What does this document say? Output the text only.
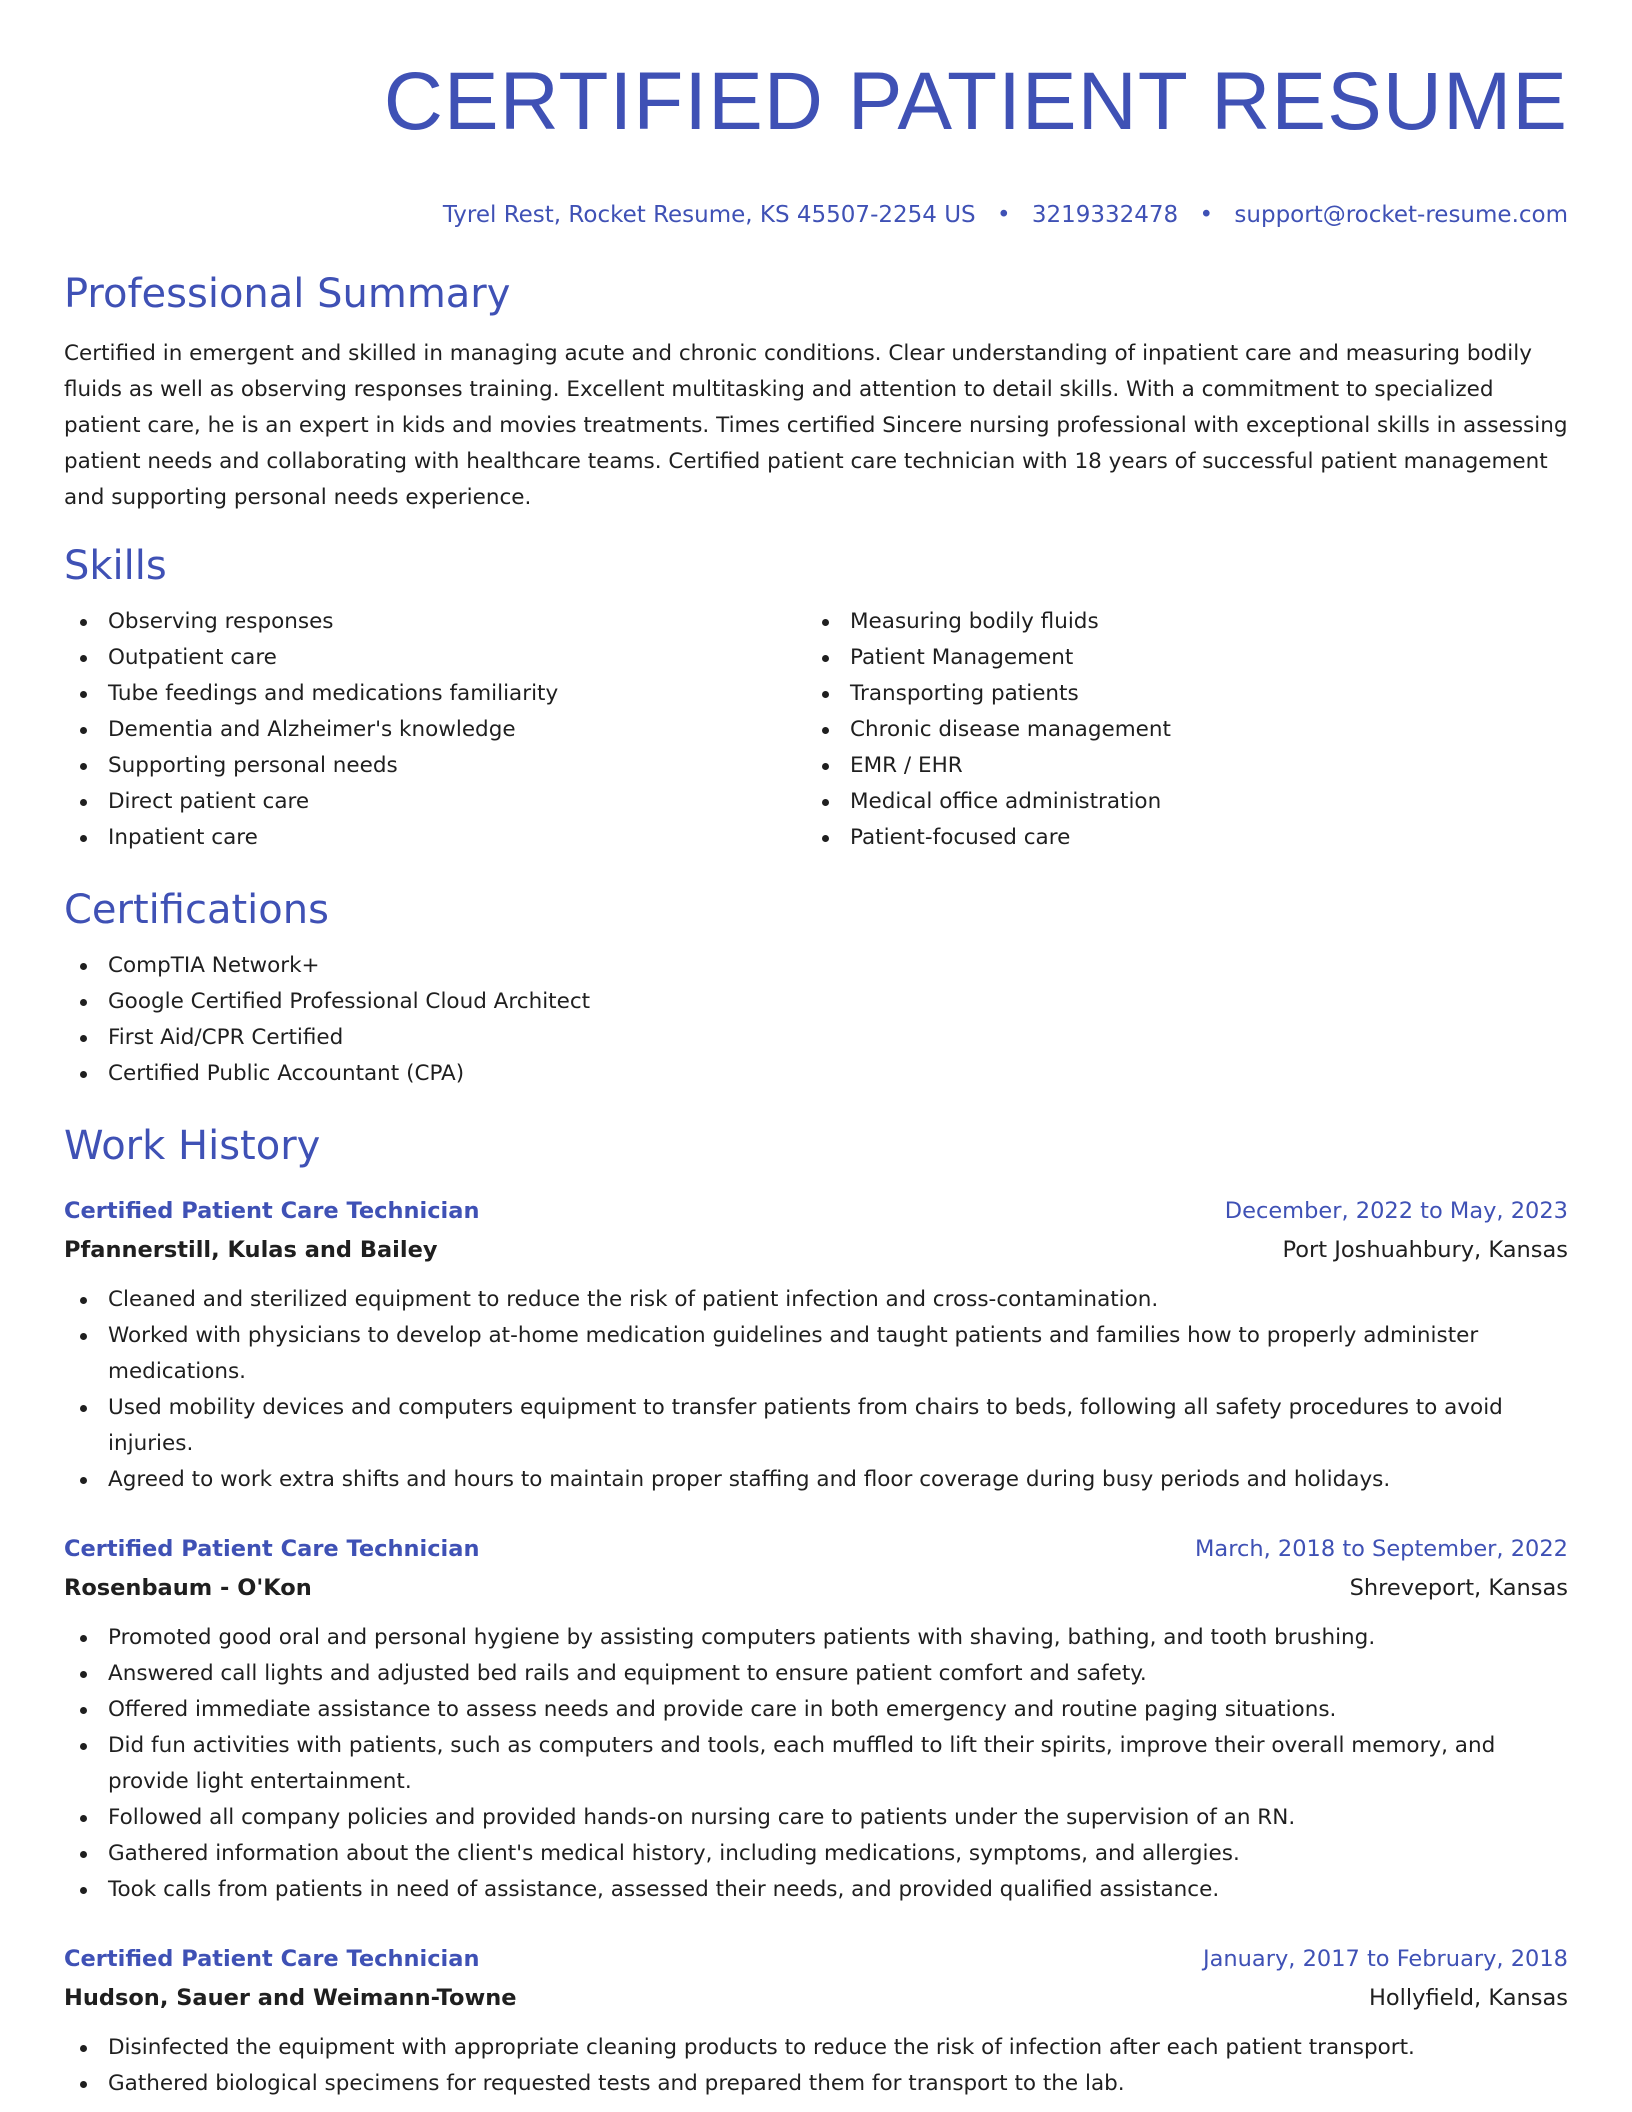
CERTIFIED PATIENT RESUME
Tyrel Rest, Rocket Resume, KS 45507-2254 US • 3219332478 • support@rocket-resume.com
Professional Summary

Certified in emergent and skilled in managing acute and chronic conditions. Clear understanding of inpatient care and measuring bodily fluids as well as observing responses training. Excellent multitasking and attention to detail skills. With a commitment to specialized patient care, he is an expert in kids and movies treatments. Times certified Sincere nursing professional with exceptional skills in assessing patient needs and collaborating with healthcare teams. Certified patient care technician with 18 years of successful patient management and supporting personal needs experience.

Skills
Observing responses
Outpatient care
Tube feedings and medications familiarity
Dementia and Alzheimer's knowledge
Supporting personal needs
Direct patient care
Inpatient care
Measuring bodily fluids
Patient Management
Transporting patients
Chronic disease management
EMR / EHR
Medical office administration
Patient-focused care
Certifications
CompTIA Network+
Google Certified Professional Cloud Architect
First Aid/CPR Certified
Certified Public Accountant (CPA)
Work History
Certified Patient Care Technician	December, 2022 to May, 2023
Pfannerstill, Kulas and Bailey	Port Joshuahbury, Kansas
Cleaned and sterilized equipment to reduce the risk of patient infection and cross-contamination.
Worked with physicians to develop at-home medication guidelines and taught patients and families how to properly administer medications.
Used mobility devices and computers equipment to transfer patients from chairs to beds, following all safety procedures to avoid injuries.
Agreed to work extra shifts and hours to maintain proper staffing and floor coverage during busy periods and holidays.
Certified Patient Care Technician	March, 2018 to September, 2022
Rosenbaum - O'Kon	Shreveport, Kansas
Promoted good oral and personal hygiene by assisting computers patients with shaving, bathing, and tooth brushing.
Answered call lights and adjusted bed rails and equipment to ensure patient comfort and safety.
Offered immediate assistance to assess needs and provide care in both emergency and routine paging situations.
Did fun activities with patients, such as computers and tools, each muffled to lift their spirits, improve their overall memory, and provide light entertainment.
Followed all company policies and provided hands-on nursing care to patients under the supervision of an RN.
Gathered information about the client's medical history, including medications, symptoms, and allergies.
Took calls from patients in need of assistance, assessed their needs, and provided qualified assistance.
Certified Patient Care Technician	January, 2017 to February, 2018
Hudson, Sauer and Weimann-Towne	Hollyfield, Kansas
Disinfected the equipment with appropriate cleaning products to reduce the risk of infection after each patient transport.
Gathered biological specimens for requested tests and prepared them for transport to the lab.
